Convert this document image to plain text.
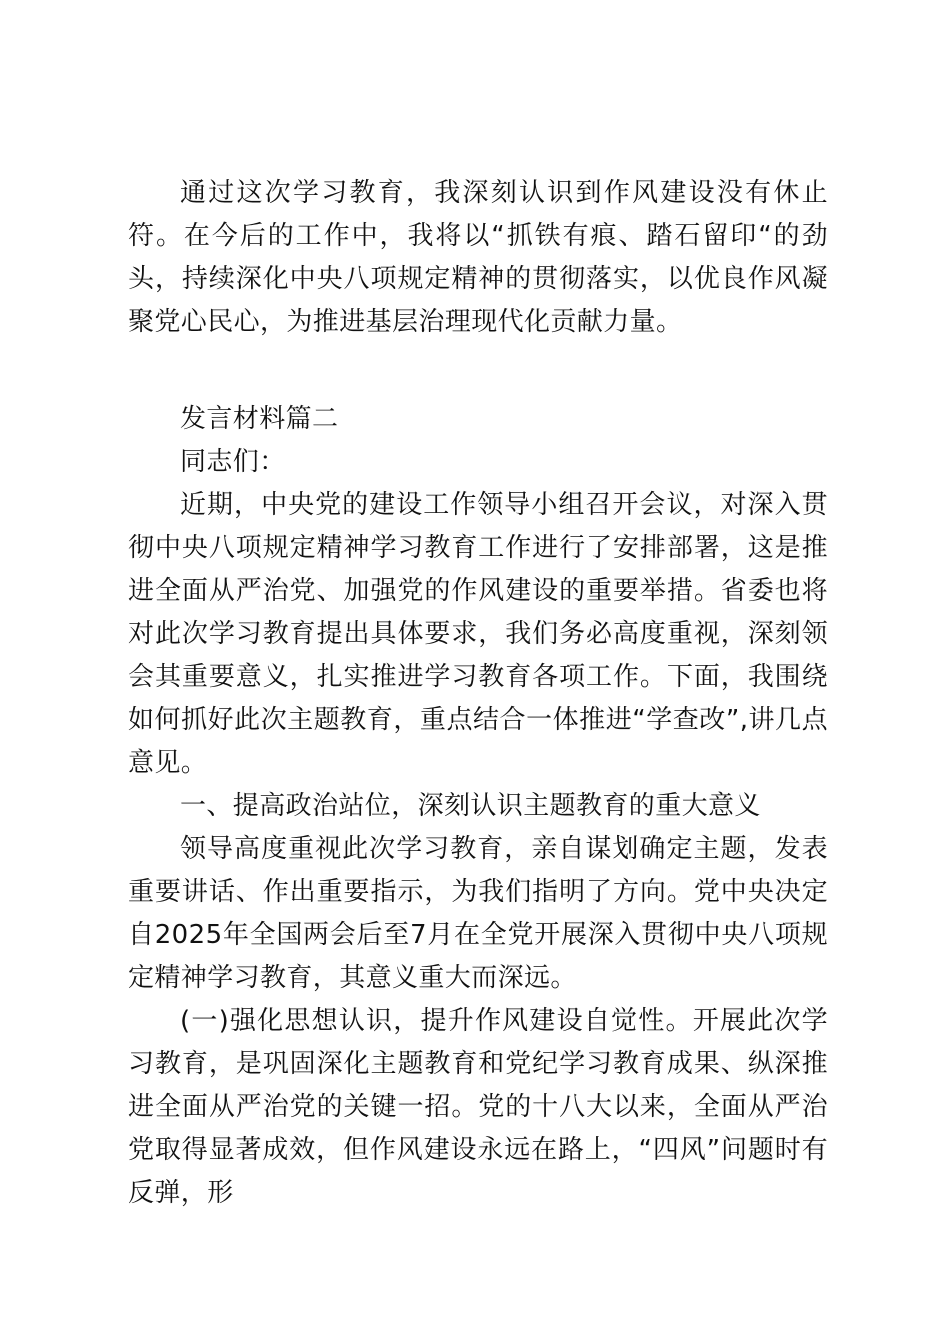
通过这次学习教育，我深刻认识到作风建设没有休止符。在今后的工作中，我将以“抓铁有痕、踏石留印“的劲头，持续深化中央八项规定精神的贯彻落实，以优良作风凝聚党心民心，为推进基层治理现代化贡献力量。

发言材料篇二

同志们：

近期，中央党的建设工作领导小组召开会议，对深入贯彻中央八项规定精神学习教育工作进行了安排部署，这是推进全面从严治党、加强党的作风建设的重要举措。省委也将对此次学习教育提出具体要求，我们务必高度重视，深刻领会其重要意义，扎实推进学习教育各项工作。下面，我围绕如何抓好此次主题教育，重点结合一体推进“学查改”,讲几点意见。

一、提高政治站位，深刻认识主题教育的重大意义

领导高度重视此次学习教育，亲自谋划确定主题，发表重要讲话、作出重要指示，为我们指明了方向。党中央决定自2025年全国两会后至7月在全党开展深入贯彻中央八项规定精神学习教育，其意义重大而深远。

(一)强化思想认识，提升作风建设自觉性。开展此次学习教育，是巩固深化主题教育和党纪学习教育成果、纵深推进全面从严治党的关键一招。党的十八大以来，全面从严治党取得显著成效，但作风建设永远在路上，“四风”问题时有反弹，形
